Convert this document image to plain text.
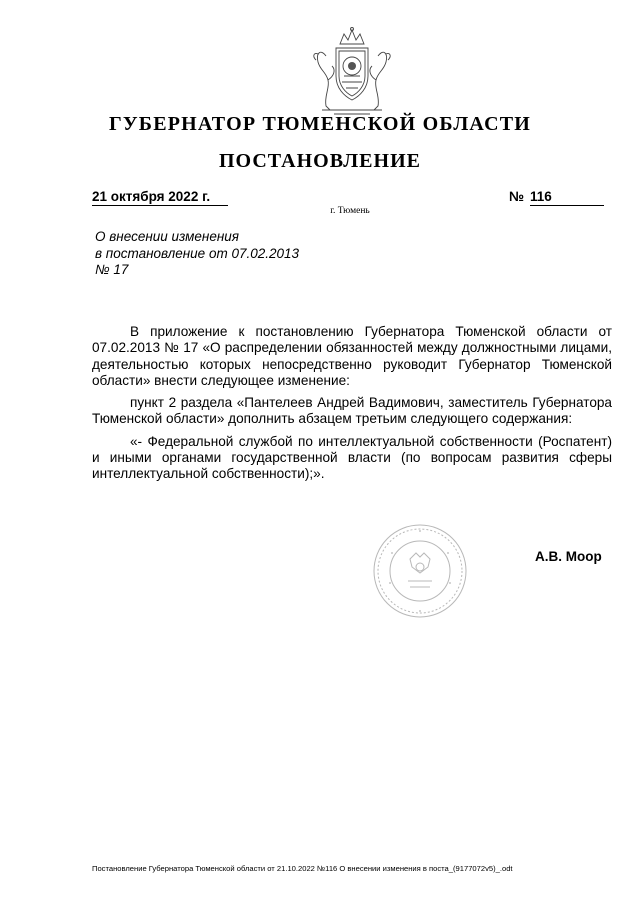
ГУБЕРНАТОР ТЮМЕНСКОЙ ОБЛАСТИ
ПОСТАНОВЛЕНИЕ
21 октября 2022 г.	№ 116
г. Тюмень
О внесении изменения
в постановление от 07.02.2013
№ 17

В приложение к постановлению Губернатора Тюменской области от 07.02.2013 № 17 «О распределении обязанностей между должностными лицами, деятельностью которых непосредственно руководит Губернатор Тюменской области» внести следующее изменение:

пункт 2 раздела «Пантелеев Андрей Вадимович, заместитель Губернатора Тюменской области» дополнить абзацем третьим следующего содержания:

«- Федеральной службой по интеллектуальной собственности (Роспатент) и иными органами государственной власти (по вопросам развития сферы интеллектуальной собственности);».

А.В. Моор
Постановление Губернатора Тюменской области от 21.10.2022 №116 О внесении изменения в поста_(9177072v5)_.odt
